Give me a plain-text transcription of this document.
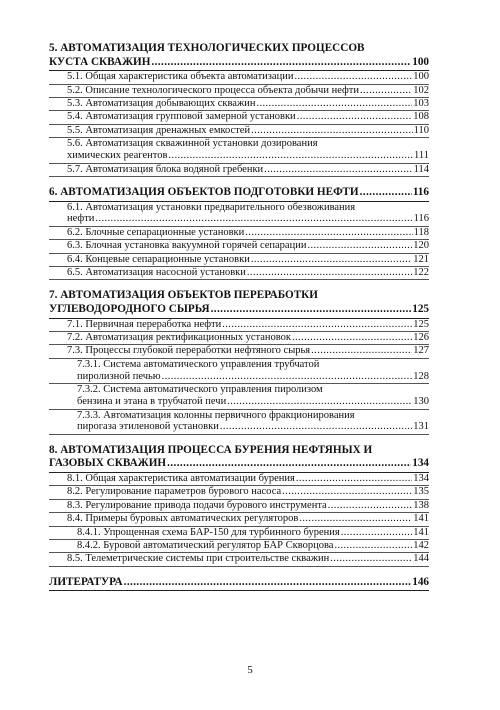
5. АВТОМАТИЗАЦИЯ ТЕХНОЛОГИЧЕСКИХ ПРОЦЕССОВ
КУСТА СКВАЖИН .....	100
5.1. Общая характеристика объекта автоматизации .....	100
5.2. Описание технологического процесса объекта добычи нефти .....	102
5.3. Автоматизация добывающих скважин .....	103
5.4. Автоматизация групповой замерной установки .....	108
5.5. Автоматизация дренажных емкостей .....	110
5.6. Автоматизация скважинной установки дозирования
химических реагентов .....	111
5.7. Автоматизация блока водяной гребенки .....	114
6. АВТОМАТИЗАЦИЯ ОБЪЕКТОВ ПОДГОТОВКИ НЕФТИ .....	116
6.1. Автоматизация установки предварительного обезвоживания
нефти .....	116
6.2. Блочные сепарационные установки .....	118
6.3. Блочная установка вакуумной горячей сепарации .....	120
6.4. Концевые сепарационные установки .....	121
6.5. Автоматизация насосной установки .....	122
7. АВТОМАТИЗАЦИЯ ОБЪЕКТОВ ПЕРЕРАБОТКИ
УГЛЕВОДОРОДНОГО СЫРЬЯ .....	125
7.1. Первичная переработка нефти .....	125
7.2. Автоматизация ректификационных установок .....	126
7.3. Процессы глубокой переработки нефтяного сырья .....	127
7.3.1. Система автоматического управления трубчатой
пиролизной печью .....	128
7.3.2. Система автоматического управления пиролизом
бензина и этана в трубчатой печи .....	130
7.3.3. Автоматизация колонны первичного фракционирования
пирогаза этиленовой установки .....	131
8. АВТОМАТИЗАЦИЯ ПРОЦЕССА БУРЕНИЯ НЕФТЯНЫХ И
ГАЗОВЫХ СКВАЖИН .....	134
8.1. Общая характеристика автоматизации бурения .....	134
8.2. Регулирование параметров бурового насоса .....	135
8.3. Регулирование привода подачи бурового инструмента .....	138
8.4. Примеры буровых автоматических регуляторов .....	141
8.4.1. Упрощенная схема БАР-150 для турбинного бурения .....	141
8.4.2. Буровой автоматический регулятор БАР Скворцова .....	142
8.5. Телеметрические системы при строительстве скважин .....	144
ЛИТЕРАТУРА .....	146
5
